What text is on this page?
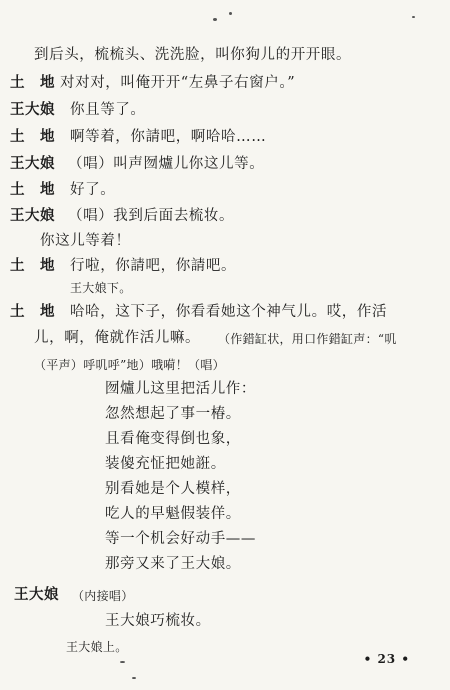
到后头，梳梳头、洗洗脸，叫你狗儿的开开眼。
土　地 对对对，叫俺开开“左鼻子右窗户。”
王大娘 你且等了。
土　地 啊等着，你請吧，啊哈哈……
王大娘 （唱）叫声囫爐儿你这儿等。
土　地 好了。
王大娘 （唱）我到后面去梳妆。
你这儿等着！
土　地 行啦，你請吧，你請吧。
王大娘下。
土　地 哈哈，这下子，你看看她这个神气儿。哎，作活
儿，啊，俺就作活儿嘛。 （作錯缸状，用口作錯缸声：“叽
（平声）呼叽呼”地）哦嗬！（唱）
囫爐儿这里把活儿作：
忽然想起了事一椿。
且看俺变得倒也象，
装傻充怔把她誑。
别看她是个人模样，
吃人的早魁假装佯。
等一个机会好动手——
那旁又来了王大娘。
王大娘 （内接唱）
王大娘巧梳妆。
王大娘上。
• 23 •
